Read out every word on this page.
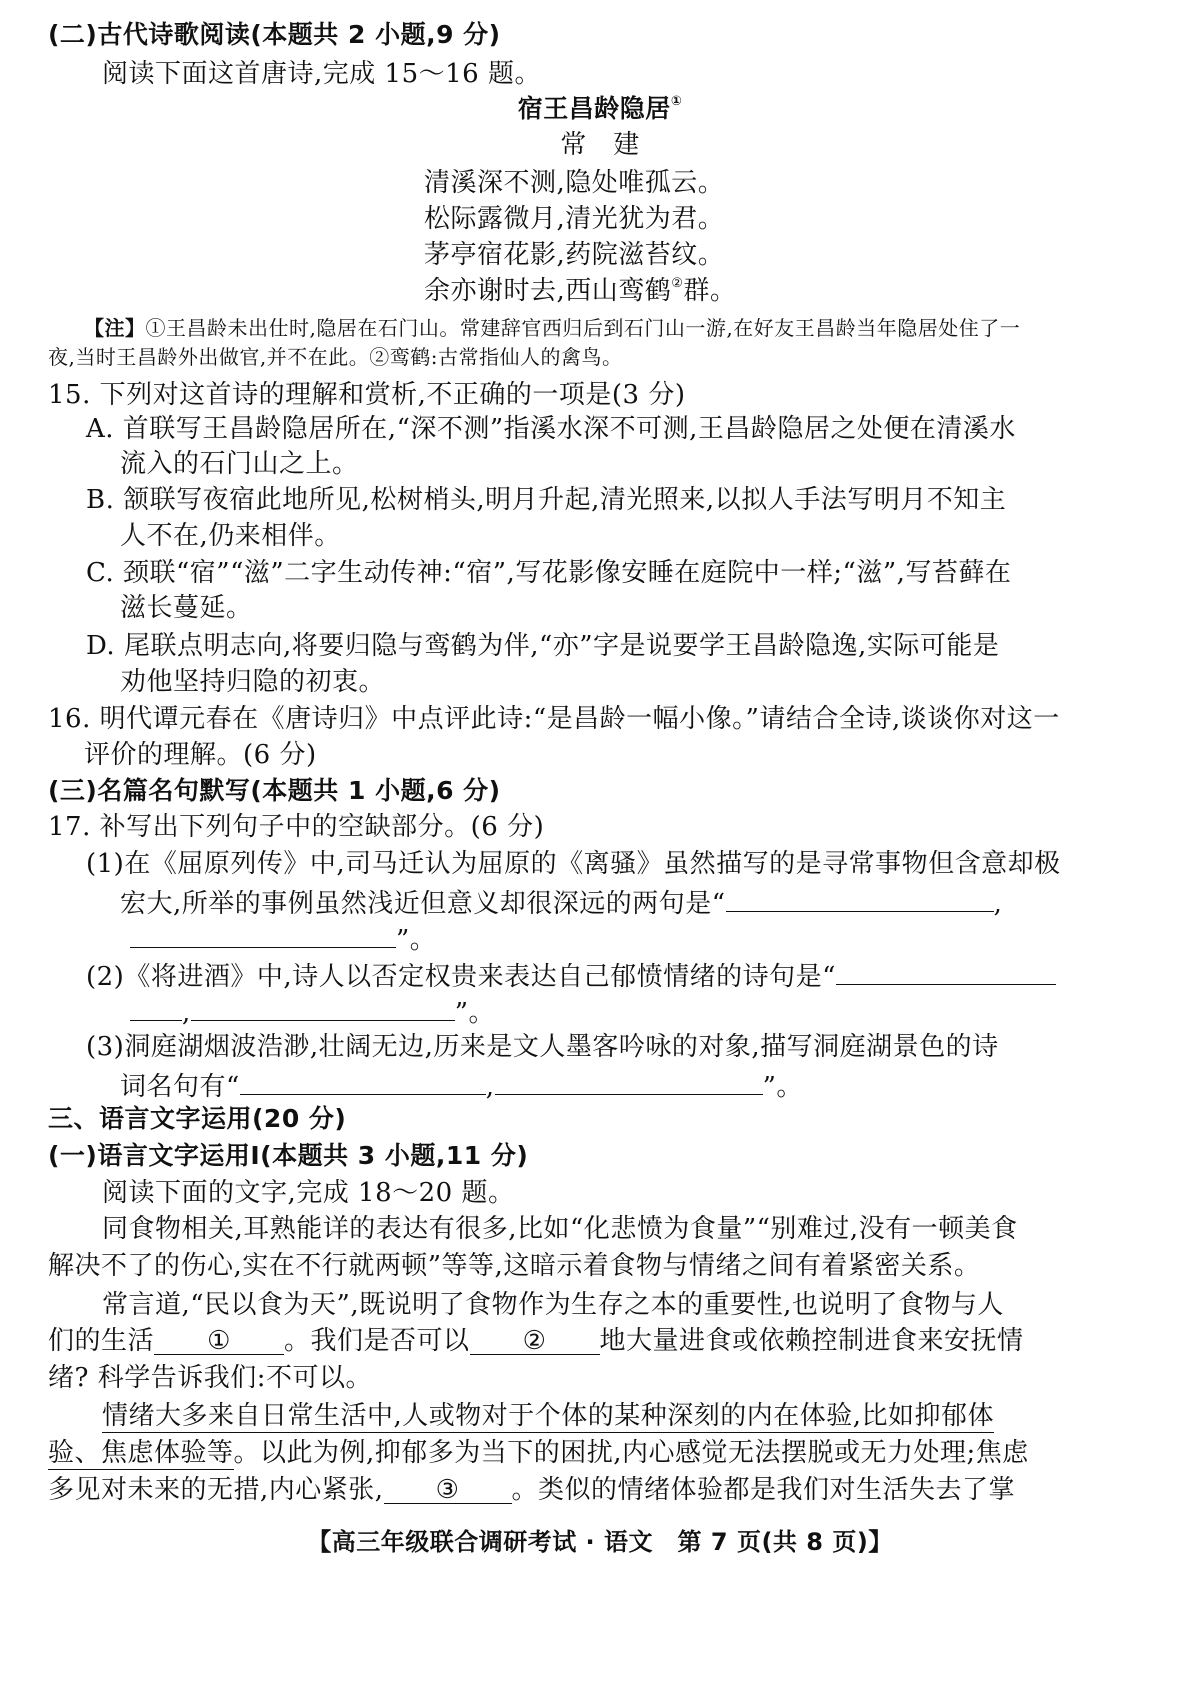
(二)古代诗歌阅读(本题共 2 小题,9 分)
阅读下面这首唐诗,完成 15～16 题。
宿王昌龄隐居①
常　建
清溪深不测,隐处唯孤云。
松际露微月,清光犹为君。
茅亭宿花影,药院滋苔纹。
余亦谢时去,西山鸾鹤②群。
【注】①王昌龄未出仕时,隐居在石门山。常建辞官西归后到石门山一游,在好友王昌龄当年隐居处住了一
夜,当时王昌龄外出做官,并不在此。②鸾鹤:古常指仙人的禽鸟。
15. 下列对这首诗的理解和赏析,不正确的一项是(3 分)
A. 首联写王昌龄隐居所在,“深不测”指溪水深不可测,王昌龄隐居之处便在清溪水
流入的石门山之上。
B. 颔联写夜宿此地所见,松树梢头,明月升起,清光照来,以拟人手法写明月不知主
人不在,仍来相伴。
C. 颈联“宿”“滋”二字生动传神:“宿”,写花影像安睡在庭院中一样;“滋”,写苔藓在
滋长蔓延。
D. 尾联点明志向,将要归隐与鸾鹤为伴,“亦”字是说要学王昌龄隐逸,实际可能是
劝他坚持归隐的初衷。
16. 明代谭元春在《唐诗归》中点评此诗:“是昌龄一幅小像。”请结合全诗,谈谈你对这一
评价的理解。(6 分)
(三)名篇名句默写(本题共 1 小题,6 分)
17. 补写出下列句子中的空缺部分。(6 分)
(1)在《屈原列传》中,司马迁认为屈原的《离骚》虽然描写的是寻常事物但含意却极
宏大,所举的事例虽然浅近但意义却很深远的两句是“	,
”。
(2)《将进酒》中,诗人以否定权贵来表达自己郁愤情绪的诗句是“
,	”。
(3)洞庭湖烟波浩渺,壮阔无边,历来是文人墨客吟咏的对象,描写洞庭湖景色的诗
词名句有“	,	”。
三、语言文字运用(20 分)
(一)语言文字运用Ⅰ(本题共 3 小题,11 分)
阅读下面的文字,完成 18～20 题。
同食物相关,耳熟能详的表达有很多,比如“化悲愤为食量”“别难过,没有一顿美食
解决不了的伤心,实在不行就两顿”等等,这暗示着食物与情绪之间有着紧密关系。
常言道,“民以食为天”,既说明了食物作为生存之本的重要性,也说明了食物与人
们的生活 ① 。我们是否可以 ② 地大量进食或依赖控制进食来安抚情
绪? 科学告诉我们:不可以。
情绪大多来自日常生活中,人或物对于个体的某种深刻的内在体验,比如抑郁体
验、焦虑体验等。以此为例,抑郁多为当下的困扰,内心感觉无法摆脱或无力处理;焦虑
多见对未来的无措,内心紧张, ③ 。类似的情绪体验都是我们对生活失去了掌
【高三年级联合调研考试 · 语文　第 7 页(共 8 页)】
